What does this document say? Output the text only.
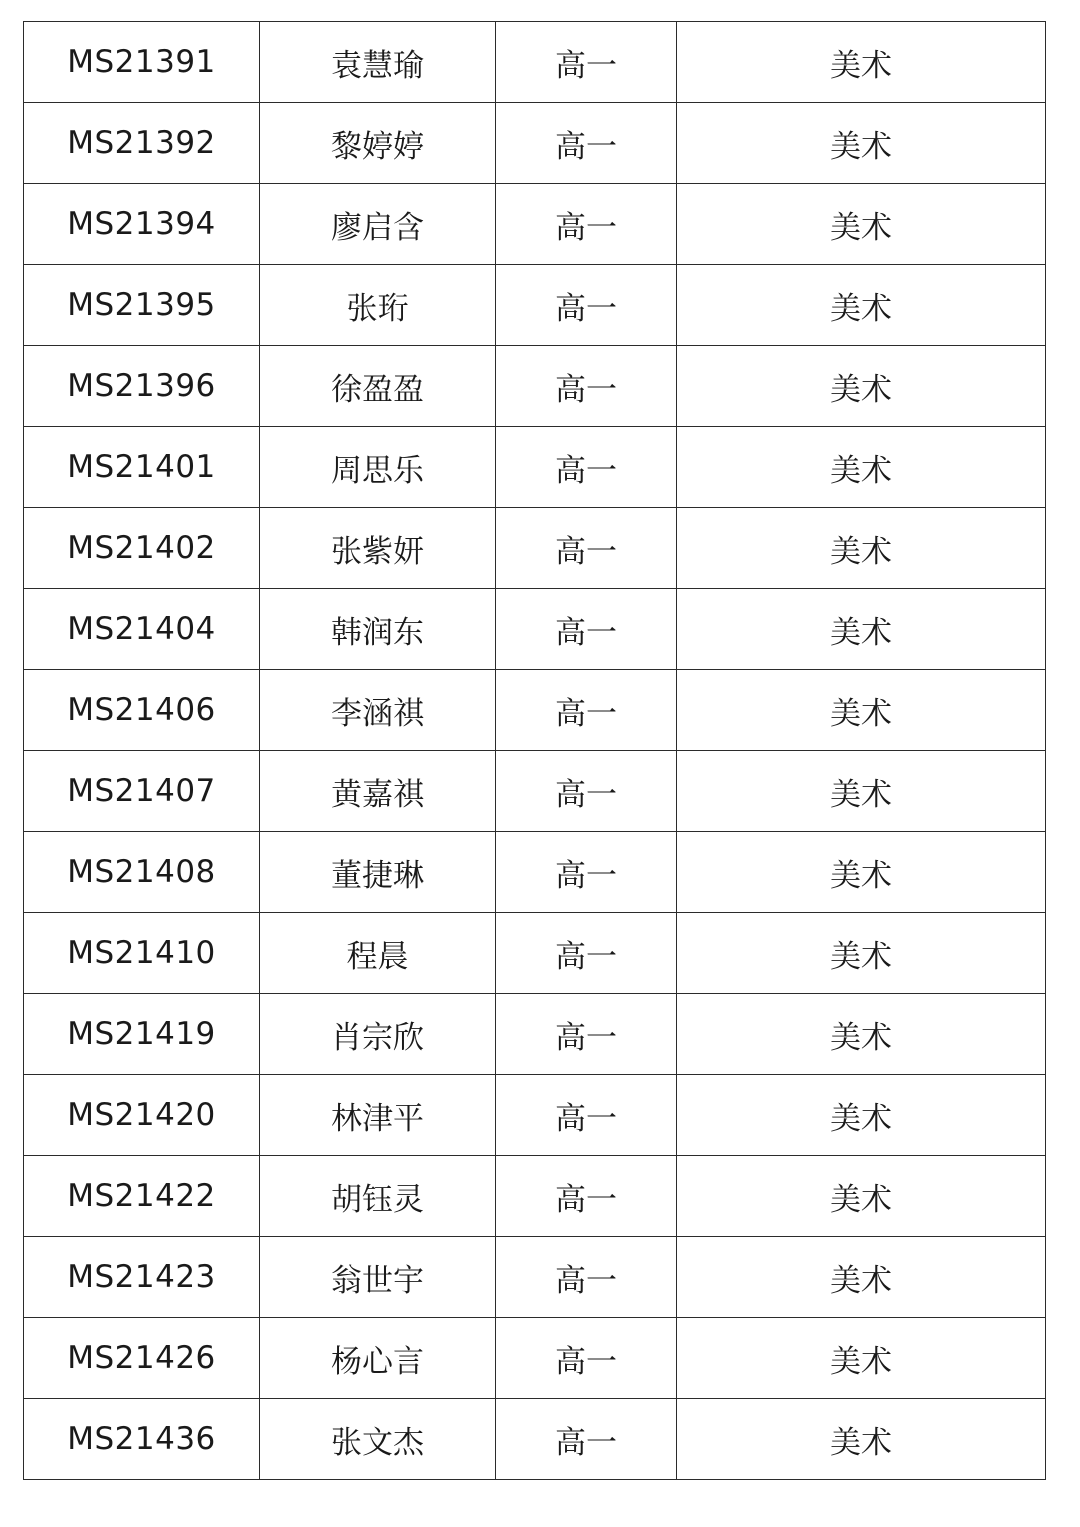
MS21391	袁慧瑜	高一	美术
MS21392	黎婷婷	高一	美术
MS21394	廖启含	高一	美术
MS21395	张珩	高一	美术
MS21396	徐盈盈	高一	美术
MS21401	周思乐	高一	美术
MS21402	张紫妍	高一	美术
MS21404	韩润东	高一	美术
MS21406	李涵祺	高一	美术
MS21407	黄嘉祺	高一	美术
MS21408	董捷琳	高一	美术
MS21410	程晨	高一	美术
MS21419	肖宗欣	高一	美术
MS21420	林津平	高一	美术
MS21422	胡钰灵	高一	美术
MS21423	翁世宇	高一	美术
MS21426	杨心言	高一	美术
MS21436	张文杰	高一	美术
